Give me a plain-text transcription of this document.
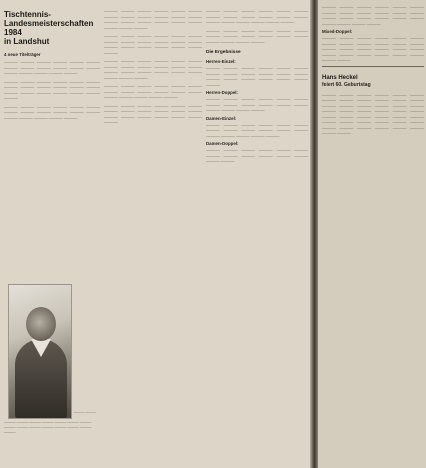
Tischtennis-
Landesmeisterschaften
1984
in Landshut
4 neue Titelträger

——— ——— ——— ——— ——— ——— ——— ——— ——— ——— ——— ——— ——— ——— ——— ——— ———

——— ——— ——— ——— ——— ——— ——— ——— ——— ——— ——— ——— ——— ——— ——— ——— ——— ——— ———

——— ——— ——— ——— ——— ——— ——— ——— ——— ——— ——— ——— ——— ——— ——— ——— ———

——— ———
——— ——— ——— ——— ——— ——— ——— ——— ——— ——— ——— ——— ——— ——— ———

——— ——— ——— ——— ——— ——— ——— ——— ——— ——— ——— ——— ——— ——— ——— ——— ——— ——— ——— ——— ———

——— ——— ——— ——— ——— ——— ——— ——— ——— ——— ——— ——— ——— ——— ——— ——— ——— ——— ———

——— ——— ——— ——— ——— ——— ——— ——— ——— ——— ——— ——— ——— ——— ——— ——— ——— ——— ——— ——— ———

——— ——— ——— ——— ——— ——— ——— ——— ——— ——— ——— ——— ——— ——— ——— ——— ———

——— ——— ——— ——— ——— ——— ——— ——— ——— ——— ——— ——— ——— ——— ——— ——— ——— ——— ———

——— ——— ——— ——— ——— ——— ——— ——— ——— ——— ——— ——— ——— ——— ——— ——— ——— ———

——— ——— ——— ——— ——— ——— ——— ——— ——— ——— ——— ——— ——— ——— ——— ———

Die Ergebnisse
Herren-Einzel:

——— ——— ——— ——— ——— ——— ——— ——— ——— ——— ——— ——— ——— ——— ——— ——— ——— ——— ———

Herren-Doppel:

——— ——— ——— ——— ——— ——— ——— ——— ——— ——— ——— ——— ——— ——— ——— ———

Damen-Einzel:

——— ——— ——— ——— ——— ——— ——— ——— ——— ——— ——— ——— ——— ——— ——— ——— ———

Damen-Doppel:

——— ——— ——— ——— ——— ——— ——— ——— ——— ——— ——— ——— ——— ———

——— ——— ——— ——— ——— ——— ——— ——— ——— ——— ——— ——— ——— ——— ——— ——— ——— ——— ——— ——— ——— ———

Mixed-Doppel:

——— ——— ——— ——— ——— ——— ——— ——— ——— ——— ——— ——— ——— ——— ——— ——— ——— ——— ——— ——— ——— ——— ——— ——— ——— ———

Hans Heckel
feiert 60. Geburtstag

——— ——— ——— ——— ——— ——— ——— ——— ——— ——— ——— ——— ——— ——— ——— ——— ——— ——— ——— ——— ——— ——— ——— ——— ——— ——— ——— ——— ——— ——— ——— ——— ——— ——— ——— ——— ——— ——— ——— ——— ——— ——— ——— ———
